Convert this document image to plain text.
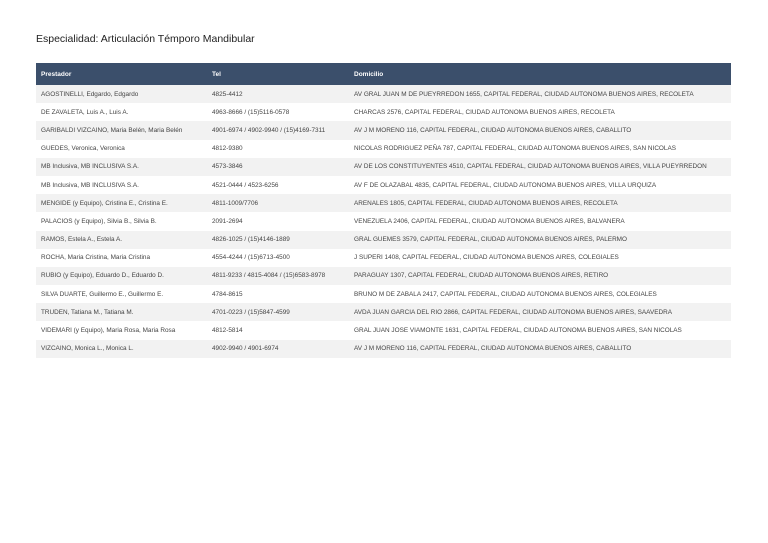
Especialidad: Articulación Témporo Mandibular
Prestador	Tel	Domicilio
AGOSTINELLI, Edgardo, Edgardo	4825-4412	AV GRAL JUAN M DE PUEYRREDON 1655, CAPITAL FEDERAL, CIUDAD AUTONOMA BUENOS AIRES, RECOLETA
DE ZAVALETA, Luis A., Luis A.	4963-8666 / (15)5116-0578	CHARCAS 2576, CAPITAL FEDERAL, CIUDAD AUTONOMA BUENOS AIRES, RECOLETA
GARIBALDI VIZCAINO, Maria Belén, Maria Belén	4901-6974 / 4902-9940 / (15)4169-7311	AV J M MORENO 116, CAPITAL FEDERAL, CIUDAD AUTONOMA BUENOS AIRES, CABALLITO
GUEDES, Veronica, Veronica	4812-9380	NICOLAS RODRIGUEZ PEÑA 787, CAPITAL FEDERAL, CIUDAD AUTONOMA BUENOS AIRES, SAN NICOLAS
MB Inclusiva, MB INCLUSIVA S.A.	4573-3846	AV DE LOS CONSTITUYENTES 4510, CAPITAL FEDERAL, CIUDAD AUTONOMA BUENOS AIRES, VILLA PUEYRREDON
MB Inclusiva, MB INCLUSIVA S.A.	4521-0444 / 4523-6256	AV F DE OLAZABAL 4835, CAPITAL FEDERAL, CIUDAD AUTONOMA BUENOS AIRES, VILLA URQUIZA
MENGIDE (y Equipo), Cristina E., Cristina E.	4811-1009/7706	ARENALES 1805, CAPITAL FEDERAL, CIUDAD AUTONOMA BUENOS AIRES, RECOLETA
PALACIOS (y Equipo), Silvia B., Silvia B.	2091-2694	VENEZUELA 2406, CAPITAL FEDERAL, CIUDAD AUTONOMA BUENOS AIRES, BALVANERA
RAMOS, Estela A., Estela A.	4826-1025 / (15)4146-1889	GRAL GUEMES 3579, CAPITAL FEDERAL, CIUDAD AUTONOMA BUENOS AIRES, PALERMO
ROCHA, Maria Cristina, Maria Cristina	4554-4244 / (15)6713-4500	J SUPERI 1408, CAPITAL FEDERAL, CIUDAD AUTONOMA BUENOS AIRES, COLEGIALES
RUBIO (y Equipo), Eduardo D., Eduardo D.	4811-9233 / 4815-4084 / (15)6583-8978	PARAGUAY 1307, CAPITAL FEDERAL, CIUDAD AUTONOMA BUENOS AIRES, RETIRO
SILVA DUARTE, Guillermo E., Guillermo E.	4784-8615	BRUNO M DE ZABALA 2417, CAPITAL FEDERAL, CIUDAD AUTONOMA BUENOS AIRES, COLEGIALES
TRUDEN, Tatiana M., Tatiana M.	4701-0223 / (15)5847-4599	AVDA JUAN GARCIA DEL RIO 2866, CAPITAL FEDERAL, CIUDAD AUTONOMA BUENOS AIRES, SAAVEDRA
VIDEMARI (y Equipo), Maria Rosa, Maria Rosa	4812-5814	GRAL JUAN JOSE VIAMONTE 1631, CAPITAL FEDERAL, CIUDAD AUTONOMA BUENOS AIRES, SAN NICOLAS
VIZCAINO, Monica L., Monica L.	4902-9940 / 4901-6974	AV J M MORENO 116, CAPITAL FEDERAL, CIUDAD AUTONOMA BUENOS AIRES, CABALLITO
